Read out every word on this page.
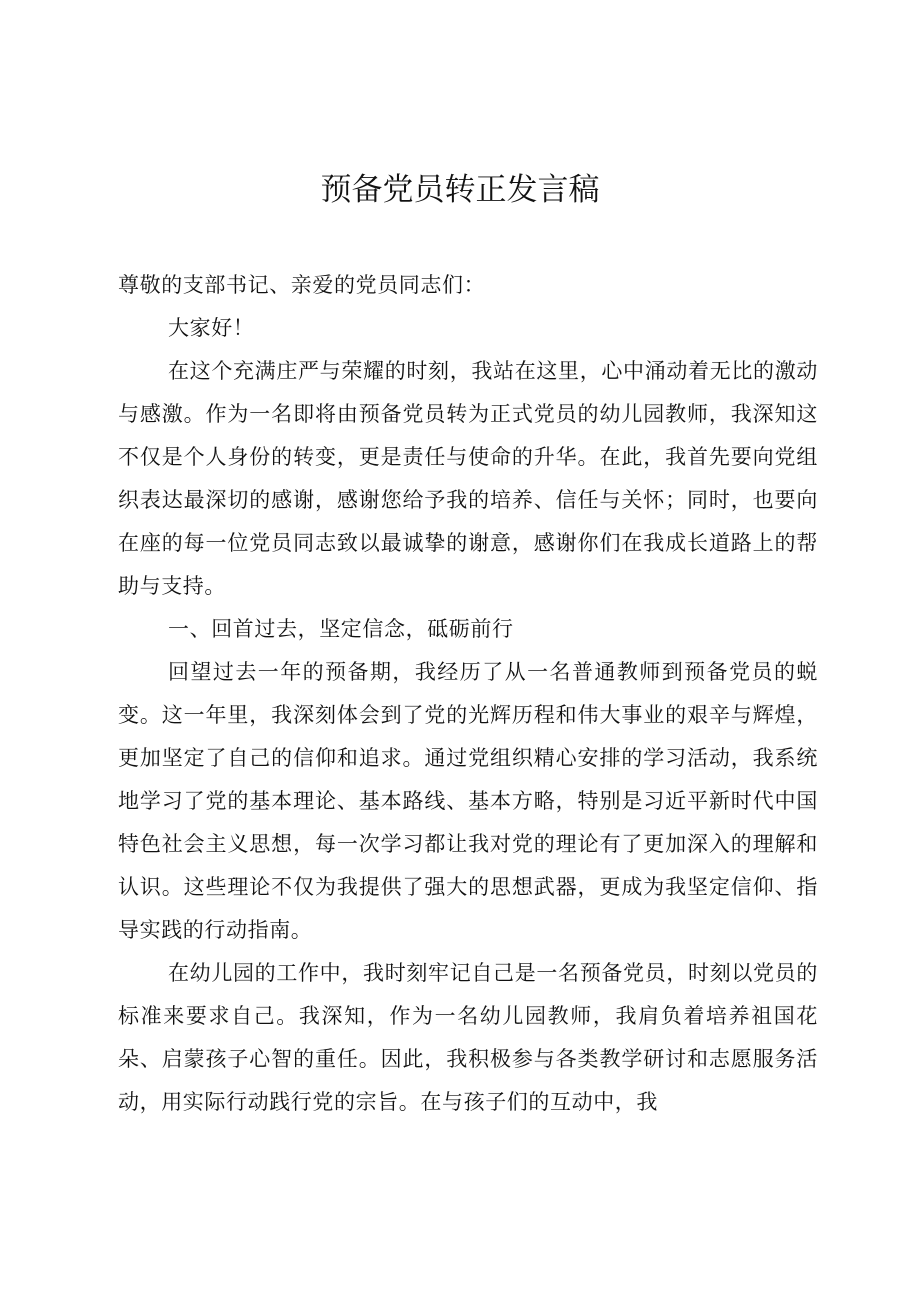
预备党员转正发言稿

尊敬的支部书记、亲爱的党员同志们：

大家好！

在这个充满庄严与荣耀的时刻，我站在这里，心中涌动着无比的激动与感激。作为一名即将由预备党员转为正式党员的幼儿园教师，我深知这不仅是个人身份的转变，更是责任与使命的升华。在此，我首先要向党组织表达最深切的感谢，感谢您给予我的培养、信任与关怀；同时，也要向在座的每一位党员同志致以最诚挚的谢意，感谢你们在我成长道路上的帮助与支持。

一、回首过去，坚定信念，砥砺前行

回望过去一年的预备期，我经历了从一名普通教师到预备党员的蜕变。这一年里，我深刻体会到了党的光辉历程和伟大事业的艰辛与辉煌，更加坚定了自己的信仰和追求。通过党组织精心安排的学习活动，我系统地学习了党的基本理论、基本路线、基本方略，特别是习近平新时代中国特色社会主义思想，每一次学习都让我对党的理论有了更加深入的理解和认识。这些理论不仅为我提供了强大的思想武器，更成为我坚定信仰、指导实践的行动指南。

在幼儿园的工作中，我时刻牢记自己是一名预备党员，时刻以党员的标准来要求自己。我深知，作为一名幼儿园教师，我肩负着培养祖国花朵、启蒙孩子心智的重任。因此，我积极参与各类教学研讨和志愿服务活动，用实际行动践行党的宗旨。在与孩子们的互动中，我
